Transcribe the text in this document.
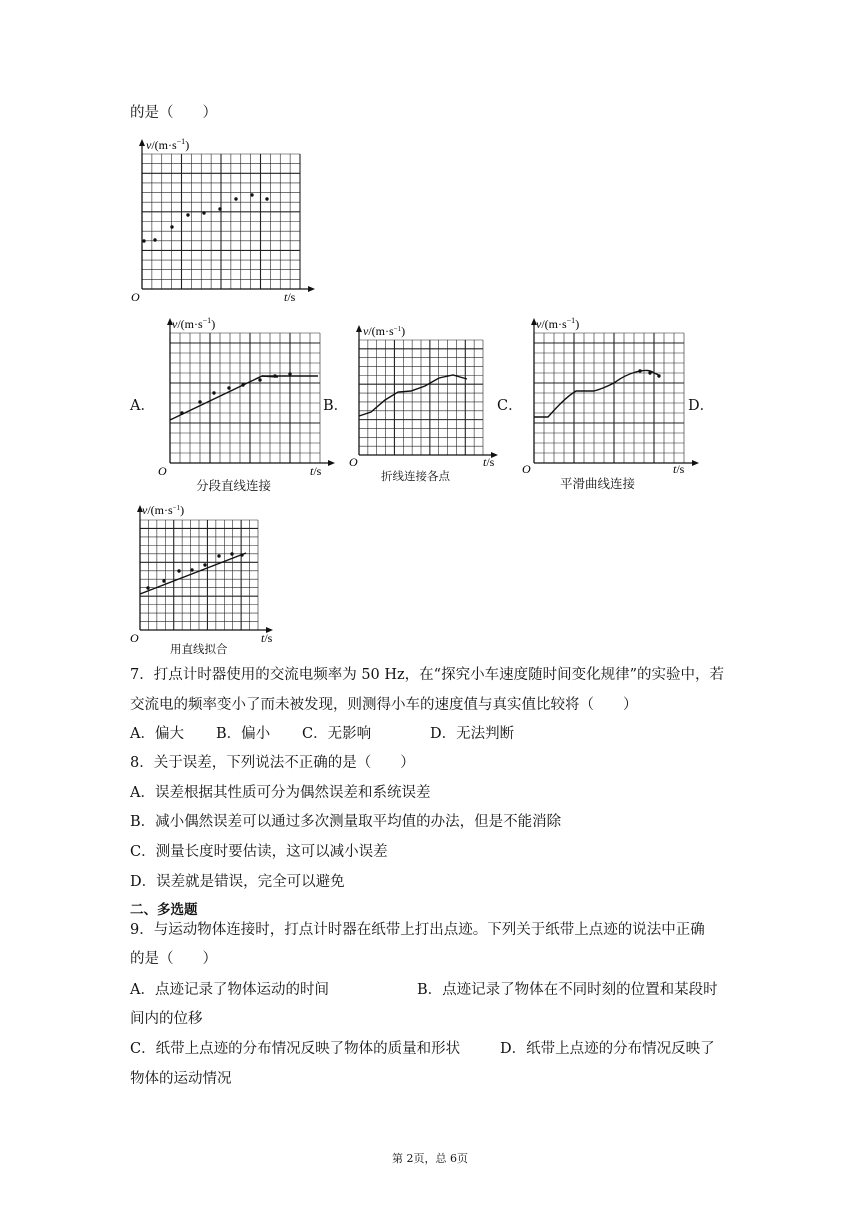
的是（　　）
$v/(m\cdot s^{-1})$
t/s
O
A．
$v/(m\cdot s^{-1})$
t/s
O
分段直线连接
B．
$v/(m\cdot s^{-1})$
t/s
O
折线连接各点
C．
$v/(m\cdot s^{-1})$
t/s
O
平滑曲线连接
D．
$v/(m\cdot s^{-1})$
t/s
O
用直线拟合
7．打点计时器使用的交流电频率为 50 Hz，在“探究小车速度随时间变化规律”的实验中，若
交流电的频率变小了而未被发现，则测得小车的速度值与真实值比较将（　　）
A．偏大 B．偏小 C．无影响	D．无法判断
8．关于误差，下列说法不正确的是（　　）
A．误差根据其性质可分为偶然误差和系统误差
B．减小偶然误差可以通过多次测量取平均值的办法，但是不能消除
C．测量长度时要估读，这可以减小误差
D．误差就是错误，完全可以避免
二、多选题
9．与运动物体连接时，打点计时器在纸带上打出点迹。下列关于纸带上点迹的说法中正确
的是（　　）
A．点迹记录了物体运动的时间	B．点迹记录了物体在不同时刻的位置和某段时
间内的位移
C．纸带上点迹的分布情况反映了物体的质量和形状	D．纸带上点迹的分布情况反映了
物体的运动情况
第 2页，总 6页
